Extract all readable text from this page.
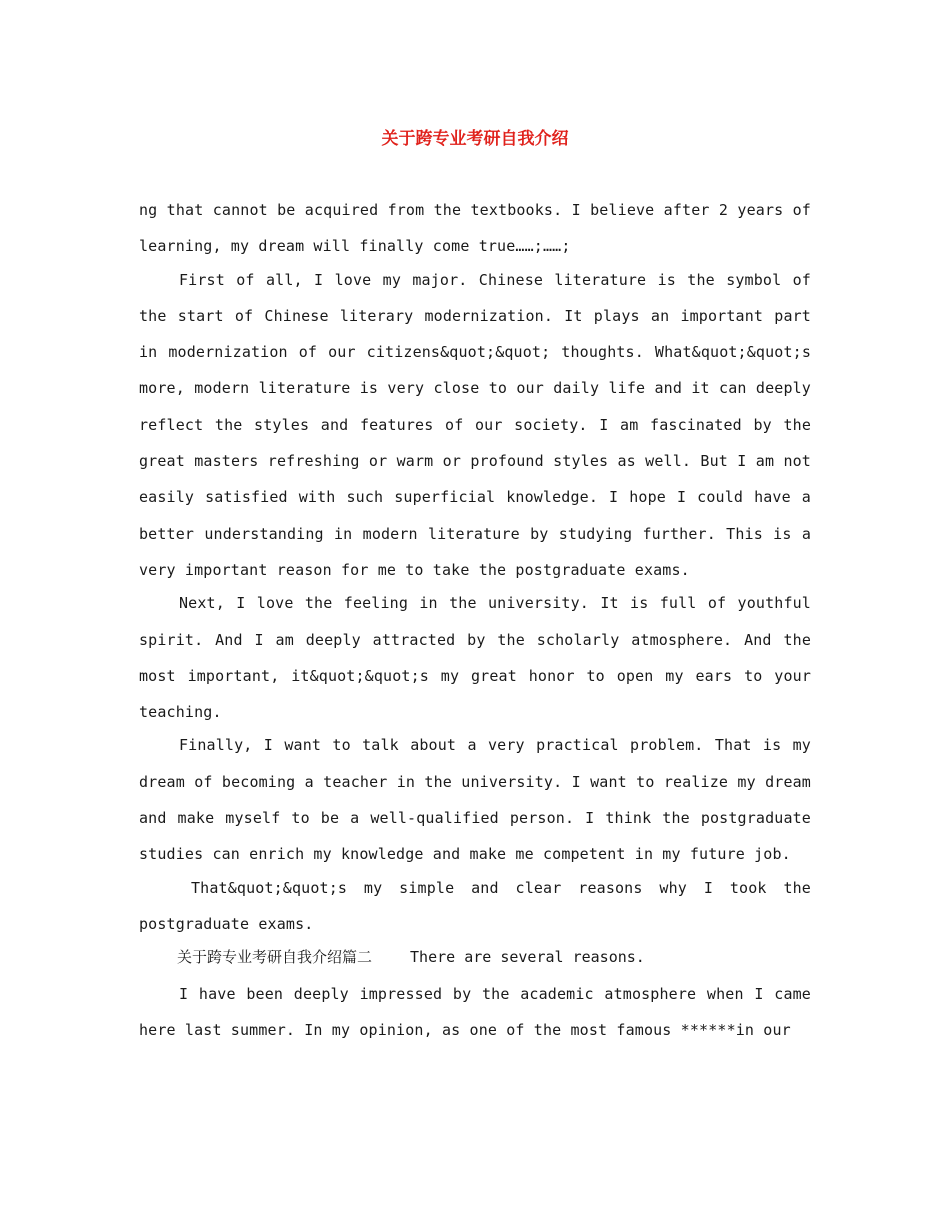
关于跨专业考研自我介绍

ng that cannot be acquired from the textbooks. I believe after 2 years of learning, my dream will finally come true……;……;

First of all, I love my major. Chinese literature is the symbol of the start of Chinese literary modernization. It plays an important part in modernization of our citizens&quot;&quot; thoughts. What&quot;&quot;s more, modern literature is very close to our daily life and it can deeply reflect the styles and features of our society. I am fascinated by the great masters refreshing or warm or profound styles as well. But I am not easily satisfied with such superficial knowledge. I hope I could have a better understanding in modern literature by studying further. This is a very important reason for me to take the postgraduate exams.

Next, I love the feeling in the university. It is full of youthful spirit. And I am deeply attracted by the scholarly atmosphere. And the most important, it&quot;&quot;s my great honor to open my ears to your teaching.

Finally, I want to talk about a very practical problem. That is my dream of becoming a teacher in the university. I want to realize my dream and make myself to be a well-qualified person. I think the postgraduate studies can enrich my knowledge and make me competent in my future job.

That&quot;&quot;s my simple and clear reasons why I took the postgraduate exams.

关于跨专业考研自我介绍篇二	There are several reasons.

I have been deeply impressed by the academic atmosphere when I came here last summer. In my opinion, as one of the most famous ******in our
